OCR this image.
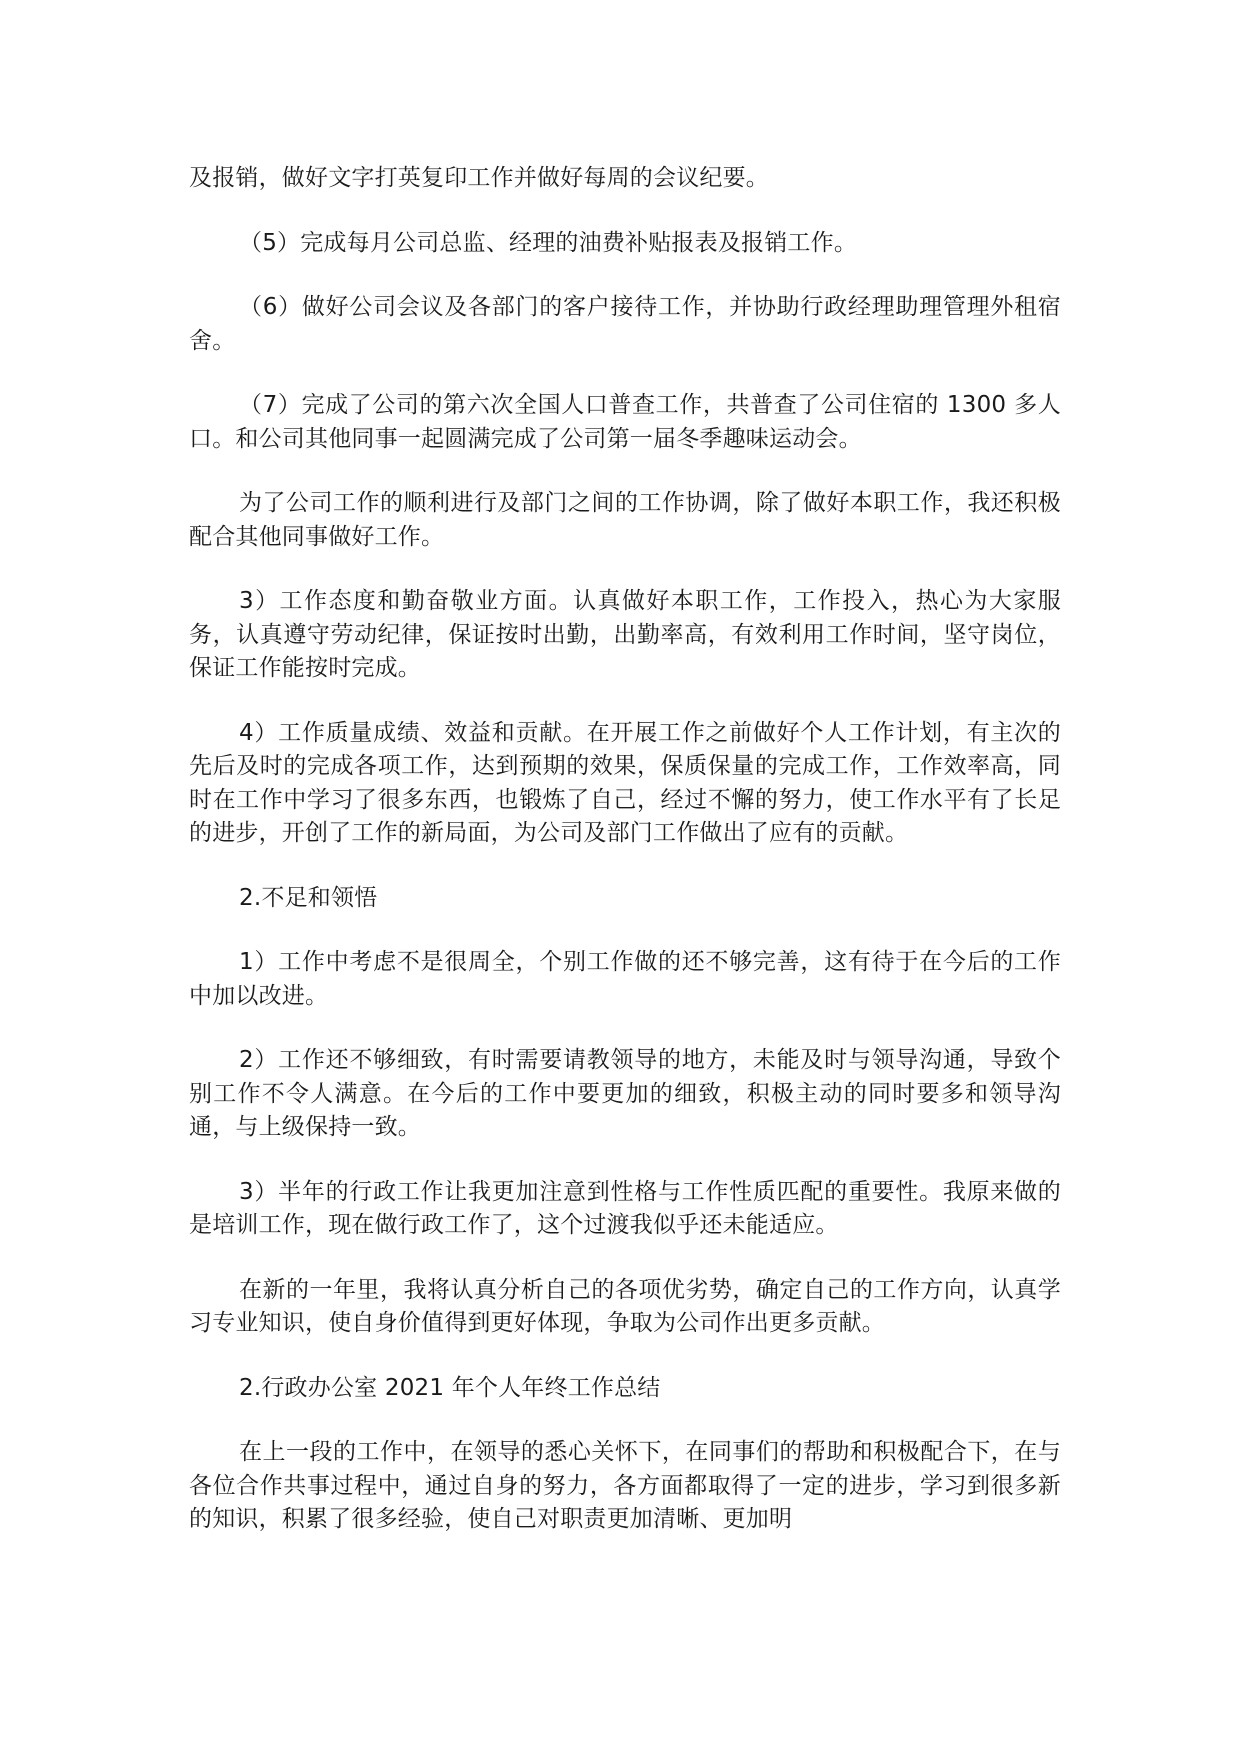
及报销，做好文字打英复印工作并做好每周的会议纪要。

（5）完成每月公司总监、经理的油费补贴报表及报销工作。

（6）做好公司会议及各部门的客户接待工作，并协助行政经理助理管理外租宿舍。

（7）完成了公司的第六次全国人口普查工作，共普查了公司住宿的 1300 多人口。和公司其他同事一起圆满完成了公司第一届冬季趣味运动会。

为了公司工作的顺利进行及部门之间的工作协调，除了做好本职工作，我还积极配合其他同事做好工作。

3）工作态度和勤奋敬业方面。认真做好本职工作，工作投入，热心为大家服务，认真遵守劳动纪律，保证按时出勤，出勤率高，有效利用工作时间，坚守岗位，保证工作能按时完成。

4）工作质量成绩、效益和贡献。在开展工作之前做好个人工作计划，有主次的先后及时的完成各项工作，达到预期的效果，保质保量的完成工作，工作效率高，同时在工作中学习了很多东西，也锻炼了自己，经过不懈的努力，使工作水平有了长足的进步，开创了工作的新局面，为公司及部门工作做出了应有的贡献。

2.不足和领悟

1）工作中考虑不是很周全，个别工作做的还不够完善，这有待于在今后的工作中加以改进。

2）工作还不够细致，有时需要请教领导的地方，未能及时与领导沟通，导致个别工作不令人满意。在今后的工作中要更加的细致，积极主动的同时要多和领导沟通，与上级保持一致。

3）半年的行政工作让我更加注意到性格与工作性质匹配的重要性。我原来做的是培训工作，现在做行政工作了，这个过渡我似乎还未能适应。

在新的一年里，我将认真分析自己的各项优劣势，确定自己的工作方向，认真学习专业知识，使自身价值得到更好体现，争取为公司作出更多贡献。

2.行政办公室 2021 年个人年终工作总结

在上一段的工作中，在领导的悉心关怀下，在同事们的帮助和积极配合下，在与各位合作共事过程中，通过自身的努力，各方面都取得了一定的进步，学习到很多新的知识，积累了很多经验，使自己对职责更加清晰、更加明
